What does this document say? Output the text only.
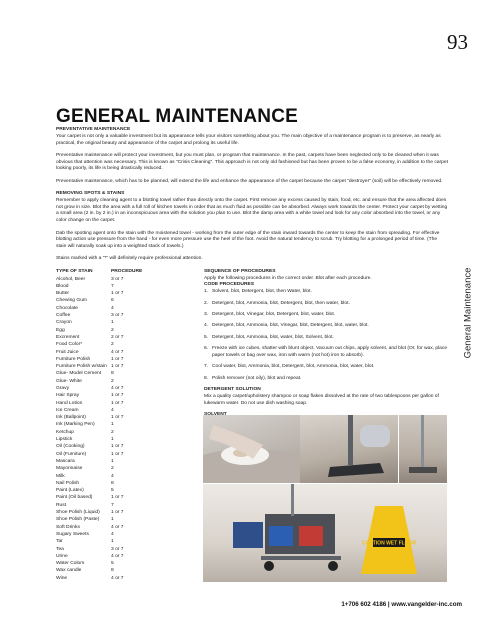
93
GENERAL MAINTENANCE
PREVENTATIVE MAINTENANCE

Your carpet is not only a valuable investment but its appearance tells your visitors something about you. The main objective of a maintenance program is to preserve, as nearly as practical, the original beauty and appearance of the carpet and prolong its useful life.

Preventative maintenance will protect your investment, but you must plan, or program that maintenance. In the past, carpets have been neglected only to be cleaned when it was obvious that attention was necessary. This is known as “Crisis Cleaning”. This approach is not only old fashioned but has been proven to be a false economy, in addition to the carpet looking poorly, its life is being drastically reduced.

Preventative maintenance, which has to be planned, will extend the life and enhance the appearance of the carpet because the carpet “destroyer” (soil) will be effectively removed.

REMOVING SPOTS & STAINS

Remember to apply cleaning agent to a blotting towel rather than directly onto the carpet. First remove any excess caused by stain, food, etc. and ensure that the area affected does not grow in size. Blot the area with a full roll of kitchen towels in order that as much fluid as possible can be absorbed. Always work towards the center. Protect your carpet by wetting a small area (2 in. by 2 in.) in an inconspicuous area with the solution you plan to use. Blot the damp area with a white towel and look for any color absorbed into the towel, or any color change on the carpet.

Dab the spotting agent onto the stain with the moistened towel - working from the outer edge of the stain inward towards the center to keep the stain from spreading. For effective blotting action use pressure from the hand - for even more pressure use the heel of the foot. Avoid the natural tendency to scrub. Try blotting for a prolonged period of time. (The stain will naturally soak up into a weighted stack of towels.)

Stains marked with a "*" will definitely require professional attention.

TYPE OF STAIN	PROCEDURE
Alcohol, Beer	3 or 7
Blood	7
Butter	1 or 7
Chewing Gum	6
Chocolate	4
Coffee	3 or 7
Crayon	1
Egg	2
Excrement	2 or 7
Food Color*	2
Fruit Juice	4 or 7
Furniture Polish	1 or 7
Furniture Polish w/stain 1 or 7
Glue- Model Cement	8
Glue- White	2
Gravy	4 or 7
Hair Spray	1 or 7
Hand Lotion	1 or 7
Ice Cream	4
Ink (Ballpoint)	1 or 7
Ink (Marking Pen)	1
Ketchup	2
Lipstick	1
Oil (Cooking)	1 or 7
Oil (Furniture)	1 or 7
Mascara	1
Mayonnaise	2
Milk	4
Nail Polish	8
Paint (Latex)	5
Paint (Oil based)	1 or 7
Rust	7
Shoe Polish (Liquid)	1 or 7
Shoe Polish (Paste)	1
Soft Drinks	4 or 7
Sugary Sweets	4
Tar	1
Tea	3 or 7
Urine	4 or 7
Water Colors	5
Wax candle	8
Wine	4 or 7
SEQUENCE OF PROCEDURES
Apply the following procedures in the correct order. Blot after each procedure.
CODE PROCEDURES
1. Solvent, blot, Detergent, blot, then Water, blot.
2. Detergent, blot, Ammonia, blot, Detergent, blot, then water, blot.
3. Detergent, blot, Vinegar, blot, Detergent, blot, water, blot.
4. Detergent, blot, Ammonia, blot, Vinegar, blot, Detergent, blot, water, blot.
5. Detergent, blot, Ammonia, blot, water, blot, Solvent, blot.
6. Freeze with ice cubes, shatter with blunt object. Vacuum out chips, apply solvent, and blot (Or, for wax, place paper towels or bag over wax, iron with warm (not hot) iron to absorb).
7. Cool water, blot, Ammonia, blot, Detergent, blot, Ammonia, blot, water, blot.
8. Polish remover (not oily), blot and repeat.
DETERGENT SOLUTION
Mix a quality carpet/upholstery shampoo or soap flakes dissolved at the rate of two tablespoons per gallon of lukewarm water. Do not use dish washing soap.
CAUTION WET FLOOR
General Maintenance
1+706 602 4186 | www.vangelder-inc.com
